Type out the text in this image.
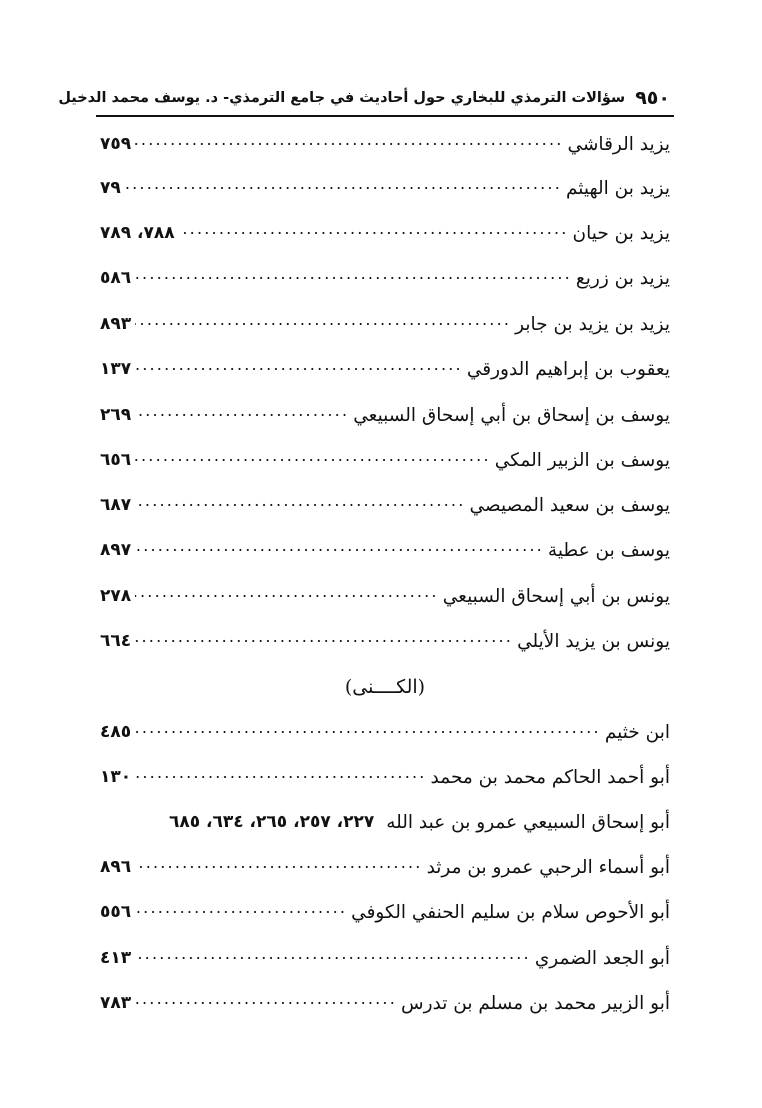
٩٥٠
سؤالات الترمذي للبخاري حول أحاديث في جامع الترمذي- د. يوسف محمد الدخيل
يزيد الرقاشي
.....
٧٥٩
يزيد بن الهيثم
.....
٧٩
يزيد بن حيان
.....
٧٨٨، ٧٨٩
يزيد بن زريع
.....
٥٨٦
يزيد بن يزيد بن جابر
.....
٨٩٣
يعقوب بن إبراهيم الدورقي
.....
١٣٧
يوسف بن إسحاق بن أبي إسحاق السبيعي
.....
٢٦٩
يوسف بن الزبير المكي
.....
٦٥٦
يوسف بن سعيد المصيصي
.....
٦٨٧
يوسف بن عطية
.....
٨٩٧
يونس بن أبي إسحاق السبيعي
.....
٢٧٨
يونس بن يزيد الأيلي
.....
٦٦٤
(الكــــنى)
ابن خثيم
.....
٤٨٥
أبو أحمد الحاكم محمد بن محمد
.....
١٣٠
أبو إسحاق السبيعي عمرو بن عبد الله
٢٢٧، ٢٥٧، ٢٦٥، ٦٣٤، ٦٨٥
أبو أسماء الرحبي عمرو بن مرثد
.....
٨٩٦
أبو الأحوص سلام بن سليم الحنفي الكوفي
.....
٥٥٦
أبو الجعد الضمري
.....
٤١٣
أبو الزبير محمد بن مسلم بن تدرس
.....
٧٨٣
